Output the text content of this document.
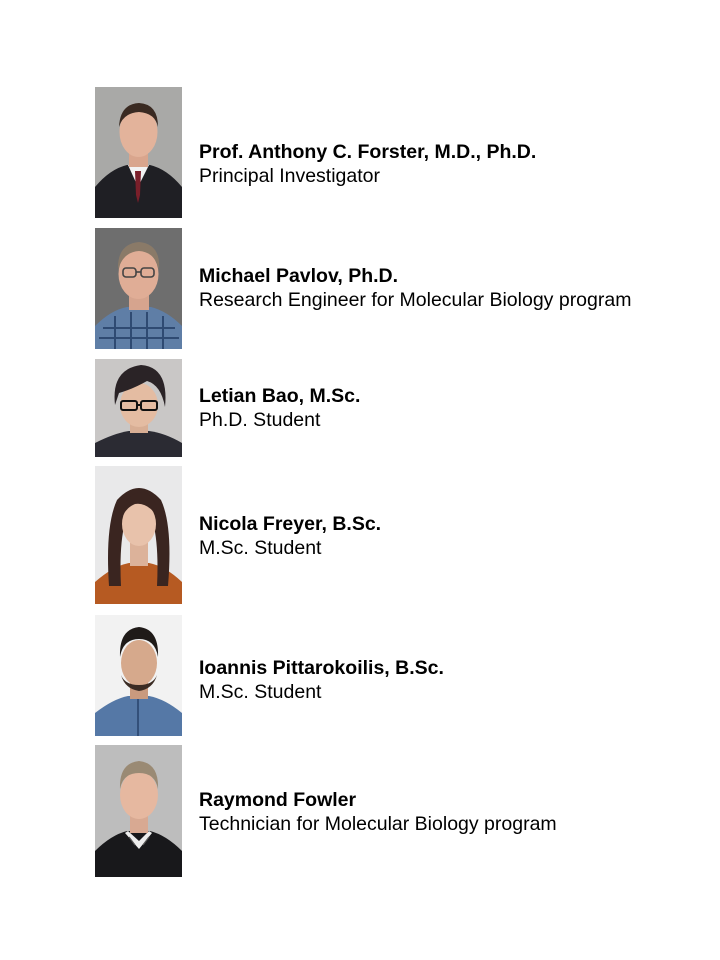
Prof. Anthony C. Forster, M.D., Ph.D.
Principal Investigator
Michael Pavlov, Ph.D.
Research Engineer for Molecular Biology program
Letian Bao, M.Sc.
Ph.D. Student
Nicola Freyer, B.Sc.
M.Sc. Student
Ioannis Pittarokoilis, B.Sc.
M.Sc. Student
Raymond Fowler
Technician for Molecular Biology program
